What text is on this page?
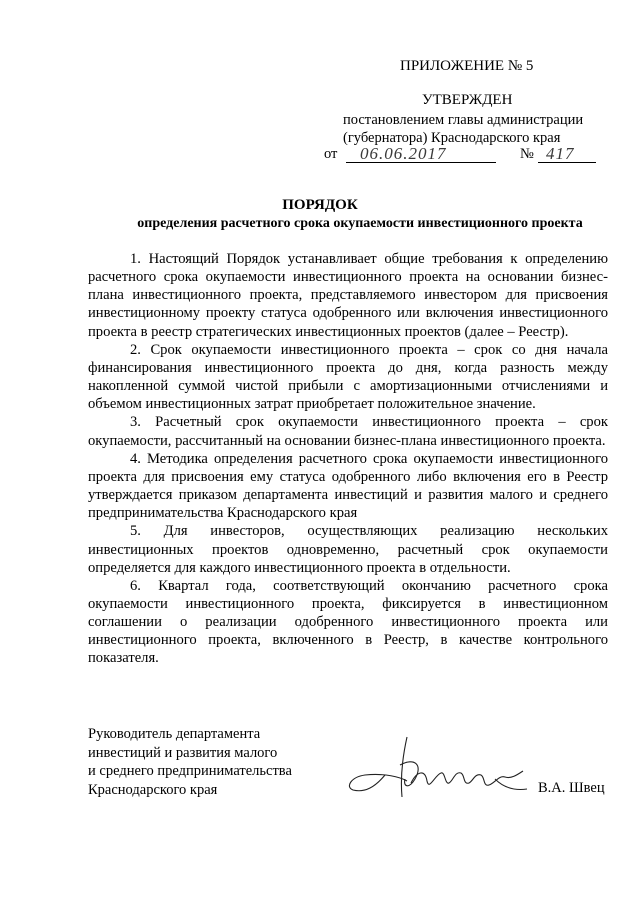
ПРИЛОЖЕНИЕ № 5
УТВЕРЖДЕН
постановлением главы администрации
(губернатора) Краснодарского края
от 06.06.2017	№ 417
ПОРЯДОК
определения расчетного срока окупаемости инвестиционного проекта

1. Настоящий Порядок устанавливает общие требования к определению расчетного срока окупаемости инвестиционного проекта на основании бизнес-плана инвестиционного проекта, представляемого инвестором для присвоения инвестиционному проекту статуса одобренного или включения инвестиционного проекта в реестр стратегических инвестиционных проектов (далее – Реестр).

2. Срок окупаемости инвестиционного проекта – срок со дня начала финансирования инвестиционного проекта до дня, когда разность между накопленной суммой чистой прибыли с амортизационными отчислениями и объемом инвестиционных затрат приобретает положительное значение.

3. Расчетный срок окупаемости инвестиционного проекта – срок окупаемости, рассчитанный на основании бизнес-плана инвестиционного проекта.

4. Методика определения расчетного срока окупаемости инвестиционного проекта для присвоения ему статуса одобренного либо включения его в Реестр утверждается приказом департамента инвестиций и развития малого и среднего предпринимательства Краснодарского края

5. Для инвесторов, осуществляющих реализацию нескольких инвестиционных проектов одновременно, расчетный срок окупаемости определяется для каждого инвестиционного проекта в отдельности.

6. Квартал года, соответствующий окончанию расчетного срока окупаемости инвестиционного проекта, фиксируется в инвестиционном соглашении о реализации одобренного инвестиционного проекта или инвестиционного проекта, включенного в Реестр, в качестве контрольного показателя.

Руководитель департамента
инвестиций и развития малого
и среднего предпринимательства
Краснодарского края	В.А. Швец
